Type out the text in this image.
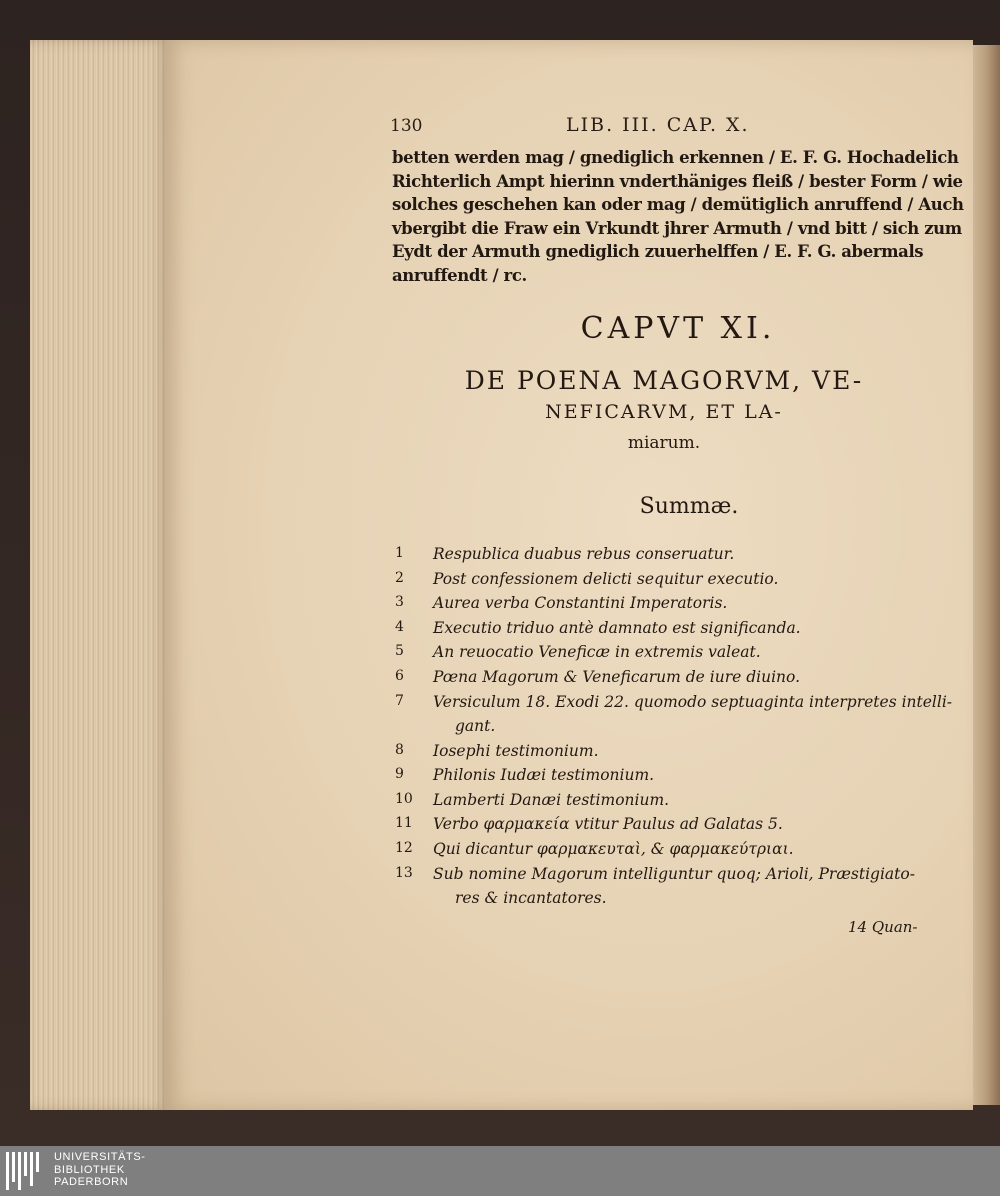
130	LIB. III. CAP. X.
betten werden mag / gnediglich erkennen / E. F. G. Hochadelich
Richterlich Ampt hierinn vnderthäniges fleiß / bester Form / wie
solches geschehen kan oder mag / demütiglich anruffend / Auch
vbergibt die Fraw ein Vrkundt jhrer Armuth / vnd bitt / sich zum
Eydt der Armuth gnediglich zuuerhelffen / E. F. G. abermals
anruffendt / rc.
CAPVT XI.
DE POENA MAGORVM, VE-
NEFICARVM, ET LA-
miarum.
Summæ.
1	Respublica duabus rebus conseruatur.
2	Post confessionem delicti sequitur executio.
3	Aurea verba Constantini Imperatoris.
4	Executio triduo antè damnato est significanda.
5	An reuocatio Veneficæ in extremis valeat.
6	Pœna Magorum & Veneficarum de iure diuino.
7	Versiculum 18. Exodi 22. quomodo septuaginta interpretes intelli-
gant.
8	Iosephi testimonium.
9	Philonis Iudæi testimonium.
10	Lamberti Danæi testimonium.
11	Verbo φαρμακεία vtitur Paulus ad Galatas 5.
12	Qui dicantur φαρμακευταὶ, & φαρμακεύτριαι.
13	Sub nomine Magorum intelliguntur quoq; Arioli, Præstigiato-
res & incantatores.
14 Quan-
UNIVERSITÄTS-
BIBLIOTHEK
PADERBORN
